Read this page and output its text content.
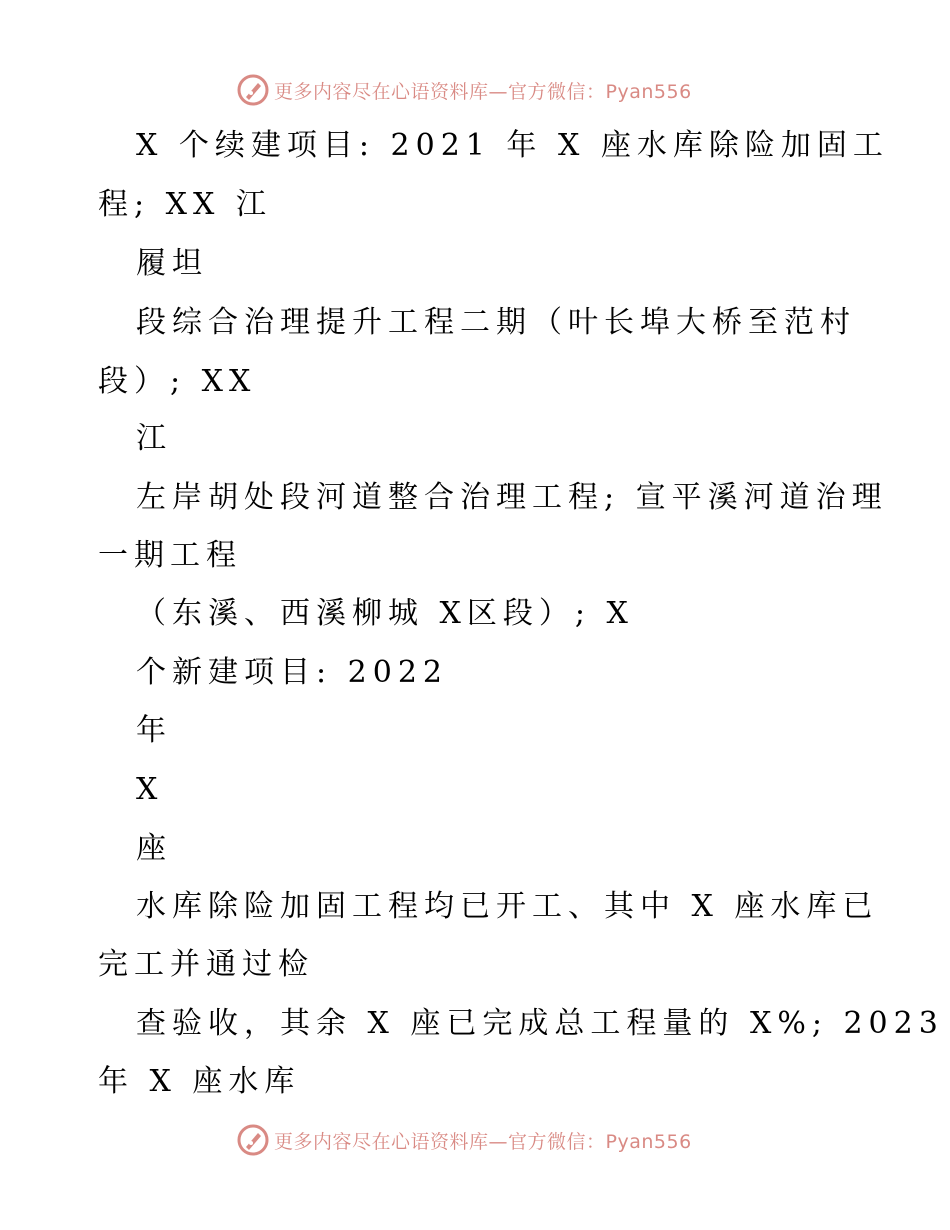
更多内容尽在心语资料库—官方微信：Pyan556
X 个续建项目: 2021 年 X 座水库除险加固工
程; XX 江
履坦
段综合治理提升工程二期（叶长埠大桥至范村
段）; XX
江
左岸胡处段河道整合治理工程; 宣平溪河道治理
一期工程
（东溪、西溪柳城 X区段）; X
个新建项目: 2022
年
X
座
水库除险加固工程均已开工、其中 X 座水库已
完工并通过检
查验收，其余 X 座已完成总工程量的 X%; 2023
年 X 座水库
更多内容尽在心语资料库—官方微信：Pyan556
